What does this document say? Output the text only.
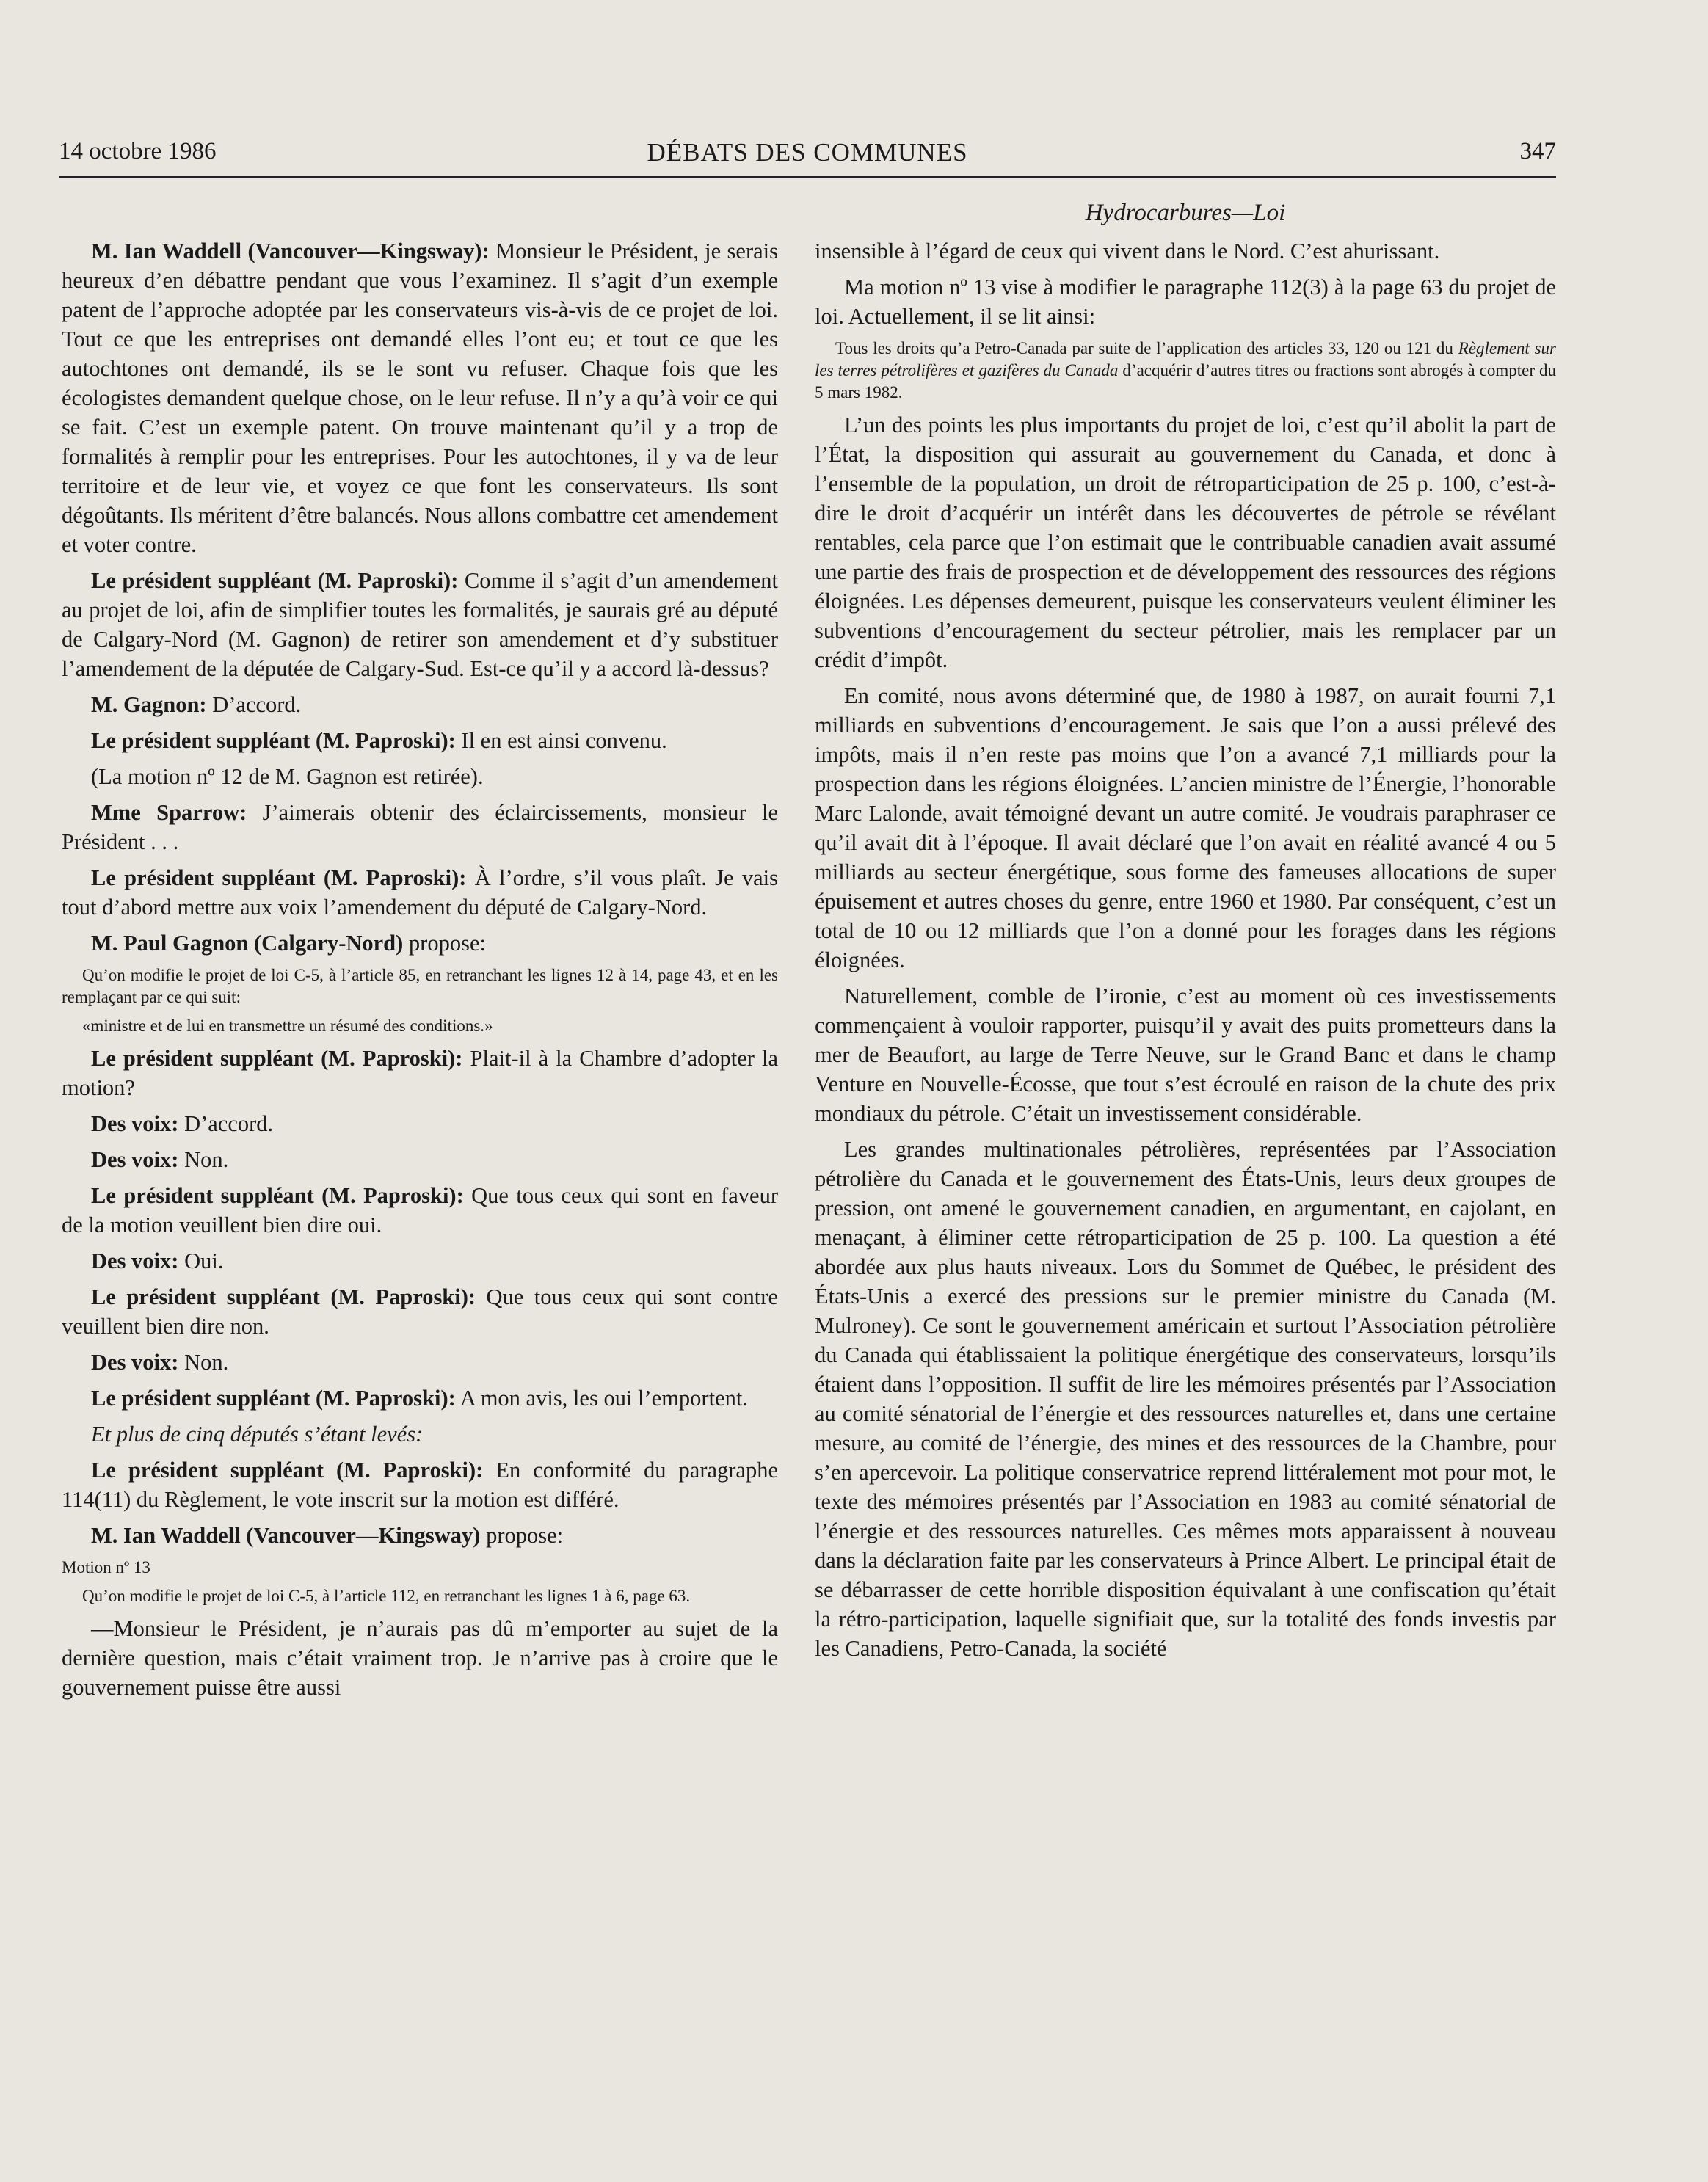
14 octobre 1986	DÉBATS DES COMMUNES	347
Hydrocarbures—Loi

M. Ian Waddell (Vancouver—Kingsway): Monsieur le Président, je serais heureux d’en débattre pendant que vous l’examinez. Il s’agit d’un exemple patent de l’approche adoptée par les conservateurs vis-à-vis de ce projet de loi. Tout ce que les entreprises ont demandé elles l’ont eu; et tout ce que les autochtones ont demandé, ils se le sont vu refuser. Chaque fois que les écologistes demandent quelque chose, on le leur refuse. Il n’y a qu’à voir ce qui se fait. C’est un exemple patent. On trouve maintenant qu’il y a trop de formalités à remplir pour les entreprises. Pour les autochtones, il y va de leur territoire et de leur vie, et voyez ce que font les conservateurs. Ils sont dégoûtants. Ils méritent d’être balancés. Nous allons combattre cet amendement et voter contre.

Le président suppléant (M. Paproski): Comme il s’agit d’un amendement au projet de loi, afin de simplifier toutes les formalités, je saurais gré au député de Calgary-Nord (M. Gagnon) de retirer son amendement et d’y substituer l’amendement de la députée de Calgary-Sud. Est-ce qu’il y a accord là-dessus?

M. Gagnon: D’accord.

Le président suppléant (M. Paproski): Il en est ainsi convenu.

(La motion nº 12 de M. Gagnon est retirée).

Mme Sparrow: J’aimerais obtenir des éclaircissements, monsieur le Président . . .

Le président suppléant (M. Paproski): À l’ordre, s’il vous plaît. Je vais tout d’abord mettre aux voix l’amendement du député de Calgary-Nord.

M. Paul Gagnon (Calgary-Nord) propose:

Qu’on modifie le projet de loi C-5, à l’article 85, en retranchant les lignes 12 à 14, page 43, et en les remplaçant par ce qui suit:

«ministre et de lui en transmettre un résumé des conditions.»

Le président suppléant (M. Paproski): Plait-il à la Chambre d’adopter la motion?

Des voix: D’accord.

Des voix: Non.

Le président suppléant (M. Paproski): Que tous ceux qui sont en faveur de la motion veuillent bien dire oui.

Des voix: Oui.

Le président suppléant (M. Paproski): Que tous ceux qui sont contre veuillent bien dire non.

Des voix: Non.

Le président suppléant (M. Paproski): A mon avis, les oui l’emportent.

Et plus de cinq députés s’étant levés:

Le président suppléant (M. Paproski): En conformité du paragraphe 114(11) du Règlement, le vote inscrit sur la motion est différé.

M. Ian Waddell (Vancouver—Kingsway) propose:

Motion nº 13

Qu’on modifie le projet de loi C-5, à l’article 112, en retranchant les lignes 1 à 6, page 63.

—Monsieur le Président, je n’aurais pas dû m’emporter au sujet de la dernière question, mais c’était vraiment trop. Je n’arrive pas à croire que le gouvernement puisse être aussi

insensible à l’égard de ceux qui vivent dans le Nord. C’est ahurissant.

Ma motion nº 13 vise à modifier le paragraphe 112(3) à la page 63 du projet de loi. Actuellement, il se lit ainsi:

Tous les droits qu’a Petro-Canada par suite de l’application des articles 33, 120 ou 121 du Règlement sur les terres pétrolifères et gazifères du Canada d’acquérir d’autres titres ou fractions sont abrogés à compter du 5 mars 1982.

L’un des points les plus importants du projet de loi, c’est qu’il abolit la part de l’État, la disposition qui assurait au gouvernement du Canada, et donc à l’ensemble de la population, un droit de rétroparticipation de 25 p. 100, c’est-à-dire le droit d’acquérir un intérêt dans les découvertes de pétrole se révélant rentables, cela parce que l’on estimait que le contribuable canadien avait assumé une partie des frais de prospection et de développement des ressources des régions éloignées. Les dépenses demeurent, puisque les conservateurs veulent éliminer les subventions d’encouragement du secteur pétrolier, mais les remplacer par un crédit d’impôt.

En comité, nous avons déterminé que, de 1980 à 1987, on aurait fourni 7,1 milliards en subventions d’encouragement. Je sais que l’on a aussi prélevé des impôts, mais il n’en reste pas moins que l’on a avancé 7,1 milliards pour la prospection dans les régions éloignées. L’ancien ministre de l’Énergie, l’honorable Marc Lalonde, avait témoigné devant un autre comité. Je voudrais paraphraser ce qu’il avait dit à l’époque. Il avait déclaré que l’on avait en réalité avancé 4 ou 5 milliards au secteur énergétique, sous forme des fameuses allocations de super épuisement et autres choses du genre, entre 1960 et 1980. Par conséquent, c’est un total de 10 ou 12 milliards que l’on a donné pour les forages dans les régions éloignées.

Naturellement, comble de l’ironie, c’est au moment où ces investissements commençaient à vouloir rapporter, puisqu’il y avait des puits prometteurs dans la mer de Beaufort, au large de Terre Neuve, sur le Grand Banc et dans le champ Venture en Nouvelle-Écosse, que tout s’est écroulé en raison de la chute des prix mondiaux du pétrole. C’était un investissement considérable.

Les grandes multinationales pétrolières, représentées par l’Association pétrolière du Canada et le gouvernement des États-Unis, leurs deux groupes de pression, ont amené le gouvernement canadien, en argumentant, en cajolant, en menaçant, à éliminer cette rétroparticipation de 25 p. 100. La question a été abordée aux plus hauts niveaux. Lors du Sommet de Québec, le président des États-Unis a exercé des pressions sur le premier ministre du Canada (M. Mulroney). Ce sont le gouvernement américain et surtout l’Association pétrolière du Canada qui établissaient la politique énergétique des conservateurs, lorsqu’ils étaient dans l’opposition. Il suffit de lire les mémoires présentés par l’Association au comité sénatorial de l’énergie et des ressources naturelles et, dans une certaine mesure, au comité de l’énergie, des mines et des ressources de la Chambre, pour s’en apercevoir. La politique conservatrice reprend littéralement mot pour mot, le texte des mémoires présentés par l’Association en 1983 au comité sénatorial de l’énergie et des ressources naturelles. Ces mêmes mots apparaissent à nouveau dans la déclaration faite par les conservateurs à Prince Albert. Le principal était de se débarrasser de cette horrible disposition équivalant à une confiscation qu’était la rétro-participation, laquelle signifiait que, sur la totalité des fonds investis par les Canadiens, Petro-Canada, la société
